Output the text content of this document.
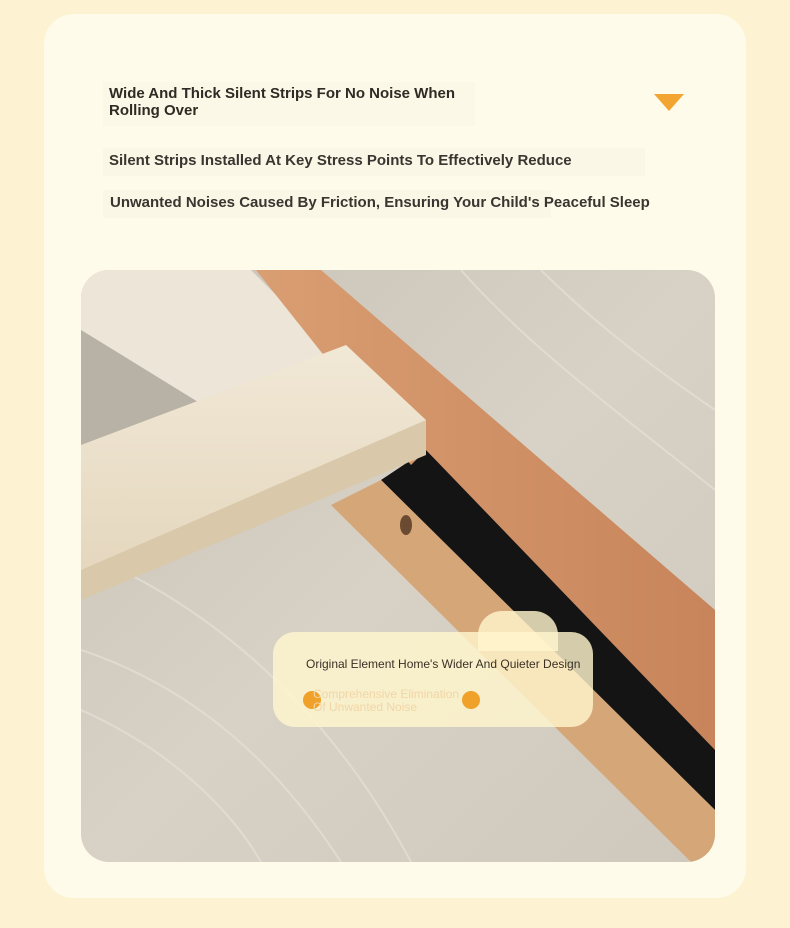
Wide And Thick Silent Strips For No Noise When Rolling Over
Silent Strips Installed At Key Stress Points To Effectively Reduce
Unwanted Noises Caused By Friction, Ensuring Your Child's Peaceful Sleep
Original Element Home's Wider And Quieter Design
Comprehensive Elimination Of Unwanted Noise
